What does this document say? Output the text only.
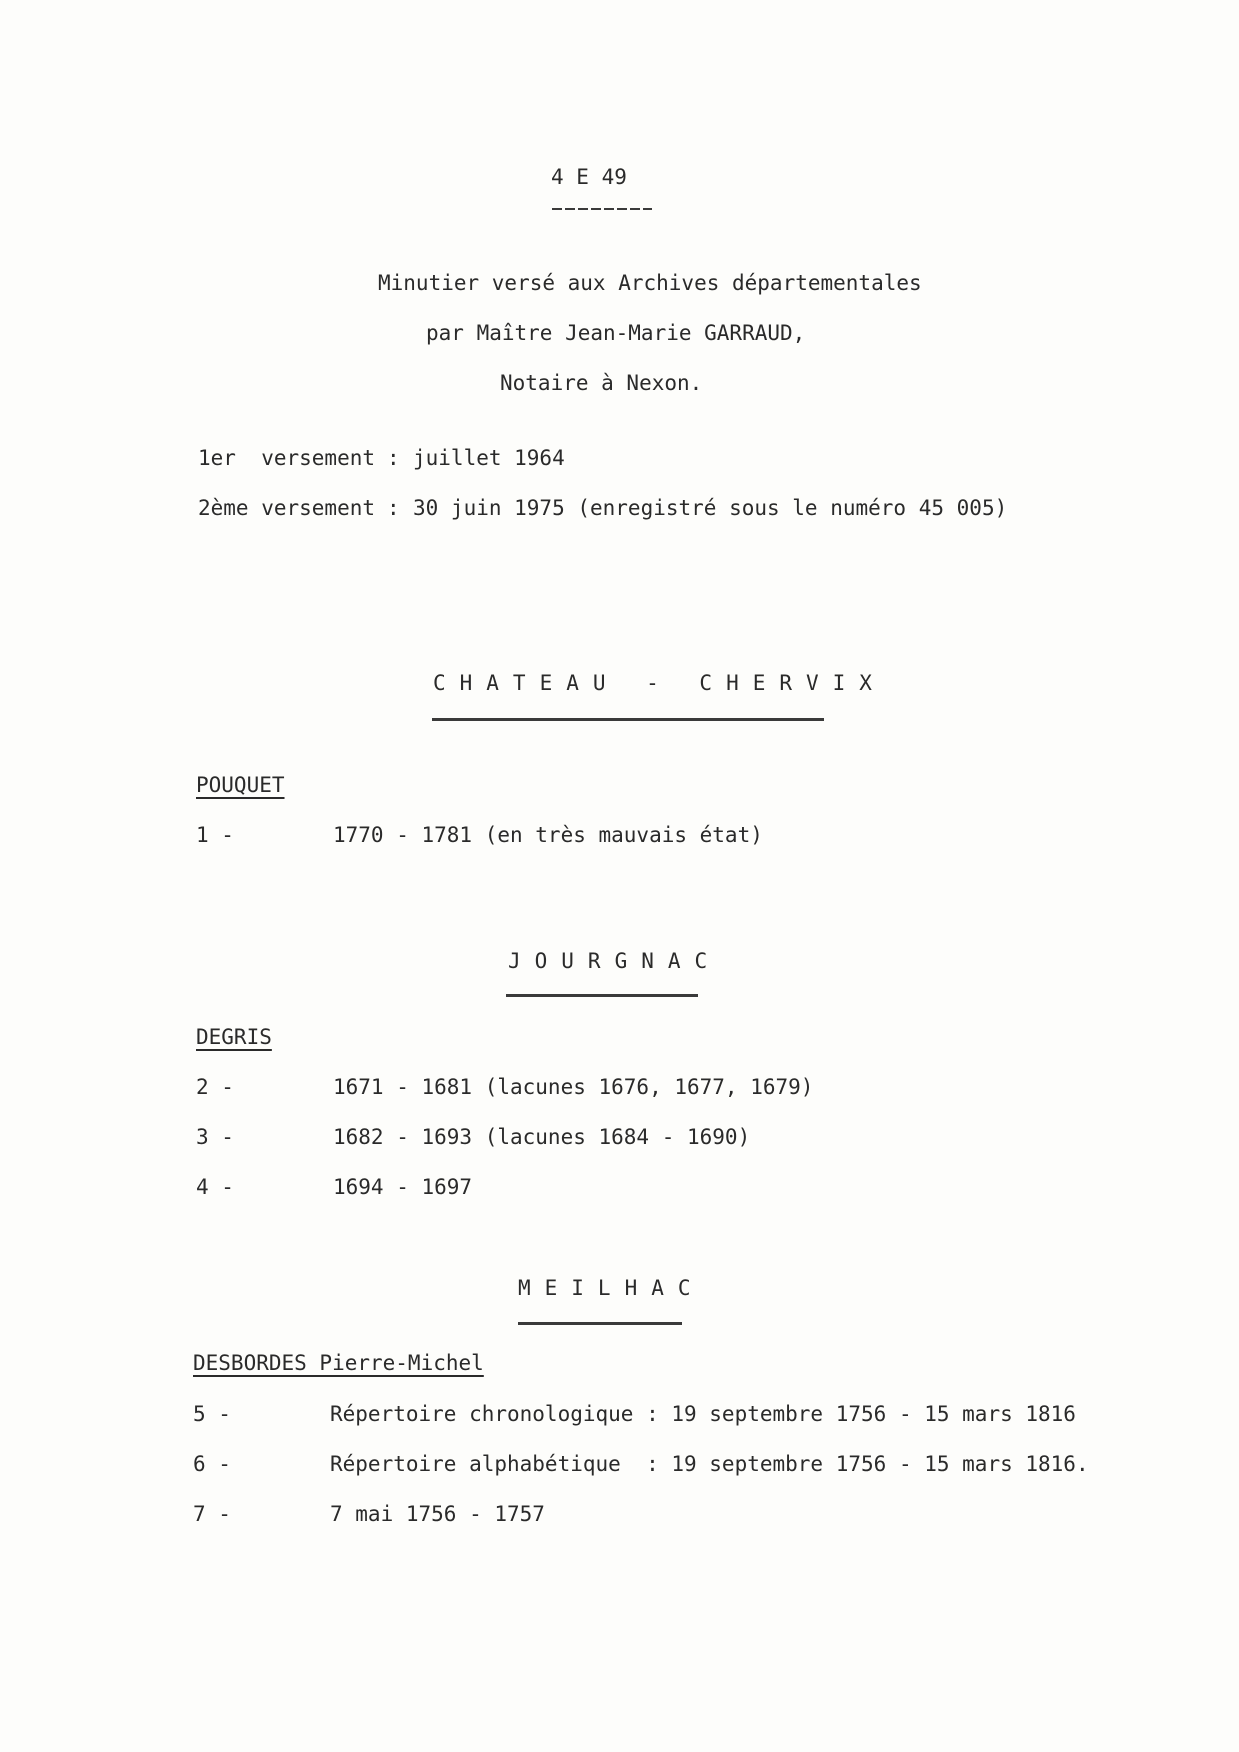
4 E 49
Minutier versé aux Archives départementales
par Maître Jean-Marie GARRAUD,
Notaire à Nexon.
1er  versement : juillet 1964
2ème versement : 30 juin 1975 (enregistré sous le numéro 45 005)
CHATEAU - CHERVIX
POUQUET
1 -	1770 - 1781 (en très mauvais état)
JOURGNAC
DEGRIS
2 -	1671 - 1681 (lacunes 1676, 1677, 1679)
3 -	1682 - 1693 (lacunes 1684 - 1690)
4 -	1694 - 1697
MEILHAC
DESBORDES Pierre-Michel
5 -	Répertoire chronologique : 19 septembre 1756 - 15 mars 1816
6 -	Répertoire alphabétique  : 19 septembre 1756 - 15 mars 1816.
7 -	7 mai 1756 - 1757
